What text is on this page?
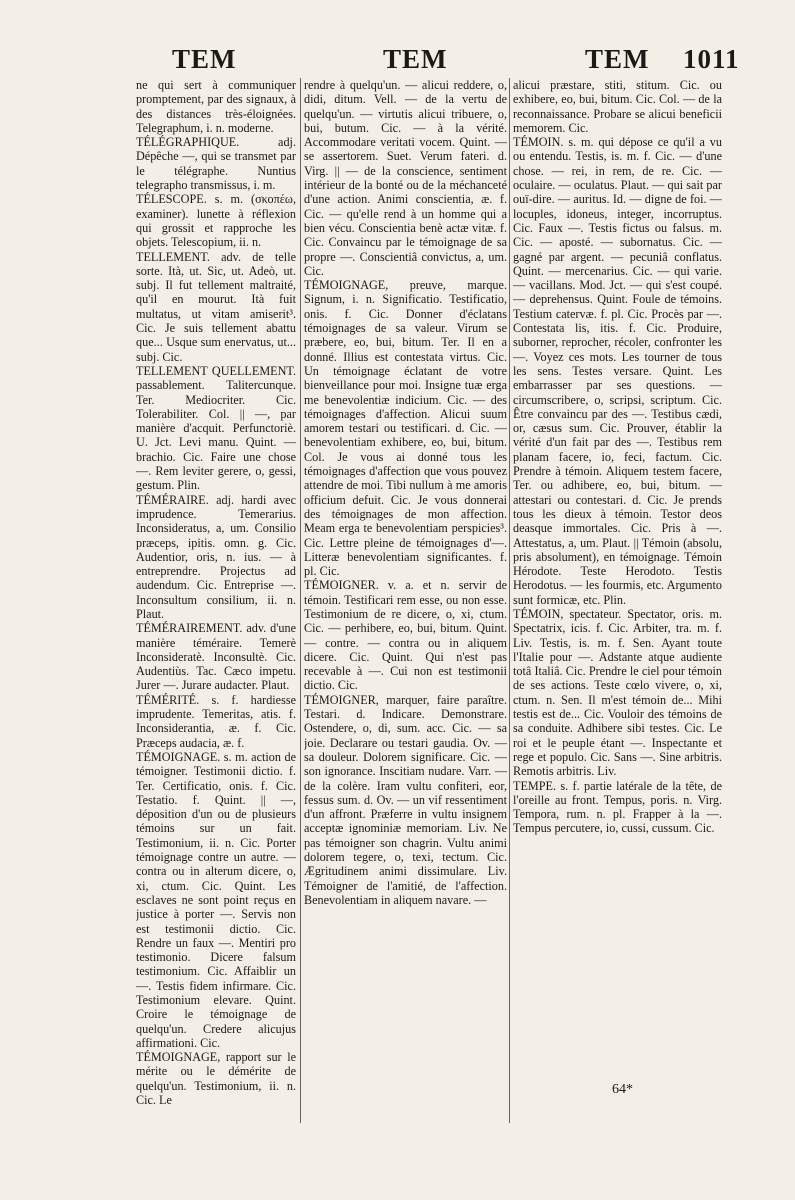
TEM	TEM	TEM 1011

ne qui sert à communiquer promptement, par des signaux, à des distances très-éloignées. Telegraphum, i. n. moderne.

TÉLÉGRAPHIQUE. adj. Dépêche —, qui se transmet par le télégraphe. Nuntius telegrapho transmissus, i. m.

TÉLESCOPE. s. m. (σκοπέω, examiner). lunette à réflexion qui grossit et rapproche les objets. Telescopium, ii. n.

TELLEMENT. adv. de telle sorte. Ità, ut. Sic, ut. Adeò, ut. subj. Il fut tellement maltraité, qu'il en mourut. Ità fuit multatus, ut vitam amiserit³. Cic. Je suis tellement abattu que... Usque sum enervatus, ut... subj. Cic.

TELLEMENT QUELLEMENT. passablement. Talitercunque. Ter. Mediocriter. Cic. Tolerabiliter. Col. || —, par manière d'acquit. Perfunctoriè. U. Jct. Levi manu. Quint. — brachio. Cic. Faire une chose —. Rem leviter gerere, o, gessi, gestum. Plin.

TÉMÉRAIRE. adj. hardi avec imprudence. Temerarius. Inconsideratus, a, um. Consilio præceps, ipitis. omn. g. Cic. Audentior, oris, n. ius. — à entreprendre. Projectus ad audendum. Cic. Entreprise —. Inconsultum consilium, ii. n. Plaut.

TÉMÉRAIREMENT. adv. d'une manière téméraire. Temerè Inconsideratè. Inconsultè. Cic. Audentiùs. Tac. Cæco impetu. Jurer —. Jurare audacter. Plaut.

TÉMÉRITÉ. s. f. hardiesse imprudente. Temeritas, atis. f. Inconsiderantia, æ. f. Cic. Præceps audacia, æ. f.

TÉMOIGNAGE. s. m. action de témoigner. Testimonii dictio. f. Ter. Certificatio, onis. f. Cic. Testatio. f. Quint. || —, déposition d'un ou de plusieurs témoins sur un fait. Testimonium, ii. n. Cic. Porter témoignage contre un autre. — contra ou in alterum dicere, o, xi, ctum. Cic. Quint. Les esclaves ne sont point reçus en justice à porter —. Servis non est testimonii dictio. Cic. Rendre un faux —. Mentiri pro testimonio. Dicere falsum testimonium. Cic. Affaiblir un —. Testis fidem infirmare. Cic. Testimonium elevare. Quint. Croire le témoignage de quelqu'un. Credere alicujus affirmationi. Cic.

TÉMOIGNAGE, rapport sur le mérite ou le démérite de quelqu'un. Testimonium, ii. n. Cic. Le

rendre à quelqu'un. — alicui reddere, o, didi, ditum. Vell. — de la vertu de quelqu'un. — virtutis alicui tribuere, o, bui, butum. Cic. — à la vérité. Accommodare veritati vocem. Quint. — se assertorem. Suet. Verum fateri. d. Virg. || — de la conscience, sentiment intérieur de la bonté ou de la méchanceté d'une action. Animi conscientia, æ. f. Cic. — qu'elle rend à un homme qui a bien vécu. Conscientia benè actæ vitæ. f. Cic. Convaincu par le témoignage de sa propre —. Conscientiâ convictus, a, um. Cic.

TÉMOIGNAGE, preuve, marque. Signum, i. n. Significatio. Testificatio, onis. f. Cic. Donner d'éclatans témoignages de sa valeur. Virum se præbere, eo, bui, bitum. Ter. Il en a donné. Illius est contestata virtus. Cic. Un témoignage éclatant de votre bienveillance pour moi. Insigne tuæ erga me benevolentiæ indicium. Cic. — des témoignages d'affection. Alicui suum amorem testari ou testificari. d. Cic. — benevolentiam exhibere, eo, bui, bitum. Col. Je vous ai donné tous les témoignages d'affection que vous pouvez attendre de moi. Tibi nullum à me amoris officium defuit. Cic. Je vous donnerai des témoignages de mon affection. Meam erga te benevolentiam perspicies³. Cic. Lettre pleine de témoignages d'—. Litteræ benevolentiam significantes. f. pl. Cic.

TÉMOIGNER. v. a. et n. servir de témoin. Testificari rem esse, ou non esse. Testimonium de re dicere, o, xi, ctum. Cic. — perhibere, eo, bui, bitum. Quint. — contre. — contra ou in aliquem dicere. Cic. Quint. Qui n'est pas recevable à —. Cui non est testimonii dictio. Cic.

TÉMOIGNER, marquer, faire paraître. Testari. d. Indicare. Demonstrare. Ostendere, o, di, sum. acc. Cic. — sa joie. Declarare ou testari gaudia. Ov. — sa douleur. Dolorem significare. Cic. — son ignorance. Inscitiam nudare. Varr. — de la colère. Iram vultu confiteri, eor, fessus sum. d. Ov. — un vif ressentiment d'un affront. Præferre in vultu insignem acceptæ ignominiæ memoriam. Liv. Ne pas témoigner son chagrin. Vultu animi dolorem tegere, o, texi, tectum. Cic. Ægritudinem animi dissimulare. Liv. Témoigner de l'amitié, de l'affection. Benevolentiam in aliquem navare. —

alicui præstare, stiti, stitum. Cic. ou exhibere, eo, bui, bitum. Cic. Col. — de la reconnaissance. Probare se alicui beneficii memorem. Cic.

TÉMOIN. s. m. qui dépose ce qu'il a vu ou entendu. Testis, is. m. f. Cic. — d'une chose. — rei, in rem, de re. Cic. — oculaire. — oculatus. Plaut. — qui sait par ouï-dire. — auritus. Id. — digne de foi. — locuples, idoneus, integer, incorruptus. Cic. Faux —. Testis fictus ou falsus. m. Cic. — aposté. — subornatus. Cic. — gagné par argent. — pecuniâ conflatus. Quint. — mercenarius. Cic. — qui varie. — vacillans. Mod. Jct. — qui s'est coupé. — deprehensus. Quint. Foule de témoins. Testium catervæ. f. pl. Cic. Procès par —. Contestata lis, itis. f. Cic. Produire, suborner, reprocher, récoler, confronter les —. Voyez ces mots. Les tourner de tous les sens. Testes versare. Quint. Les embarrasser par ses questions. — circumscribere, o, scripsi, scriptum. Cic. Être convaincu par des —. Testibus cædi, or, cæsus sum. Cic. Prouver, établir la vérité d'un fait par des —. Testibus rem planam facere, io, feci, factum. Cic. Prendre à témoin. Aliquem testem facere, Ter. ou adhibere, eo, bui, bitum. — attestari ou contestari. d. Cic. Je prends tous les dieux à témoin. Testor deos deasque immortales. Cic. Pris à —. Attestatus, a, um. Plaut. || Témoin (absolu, pris absolument), en témoignage. Témoin Hérodote. Teste Herodoto. Testis Herodotus. — les fourmis, etc. Argumento sunt formicæ, etc. Plin.

TÉMOIN, spectateur. Spectator, oris. m. Spectatrix, icis. f. Cic. Arbiter, tra. m. f. Liv. Testis, is. m. f. Sen. Ayant toute l'Italie pour —. Adstante atque audiente totâ Italiâ. Cic. Prendre le ciel pour témoin de ses actions. Teste cœlo vivere, o, xi, ctum. n. Sen. Il m'est témoin de... Mihi testis est de... Cic. Vouloir des témoins de sa conduite. Adhibere sibi testes. Cic. Le roi et le peuple étant —. Inspectante et rege et populo. Cic. Sans —. Sine arbitris. Remotis arbitris. Liv.

TEMPE. s. f. partie latérale de la tête, de l'oreille au front. Tempus, poris. n. Virg. Tempora, rum. n. pl. Frapper à la —. Tempus percutere, io, cussi, cussum. Cic.

64*
